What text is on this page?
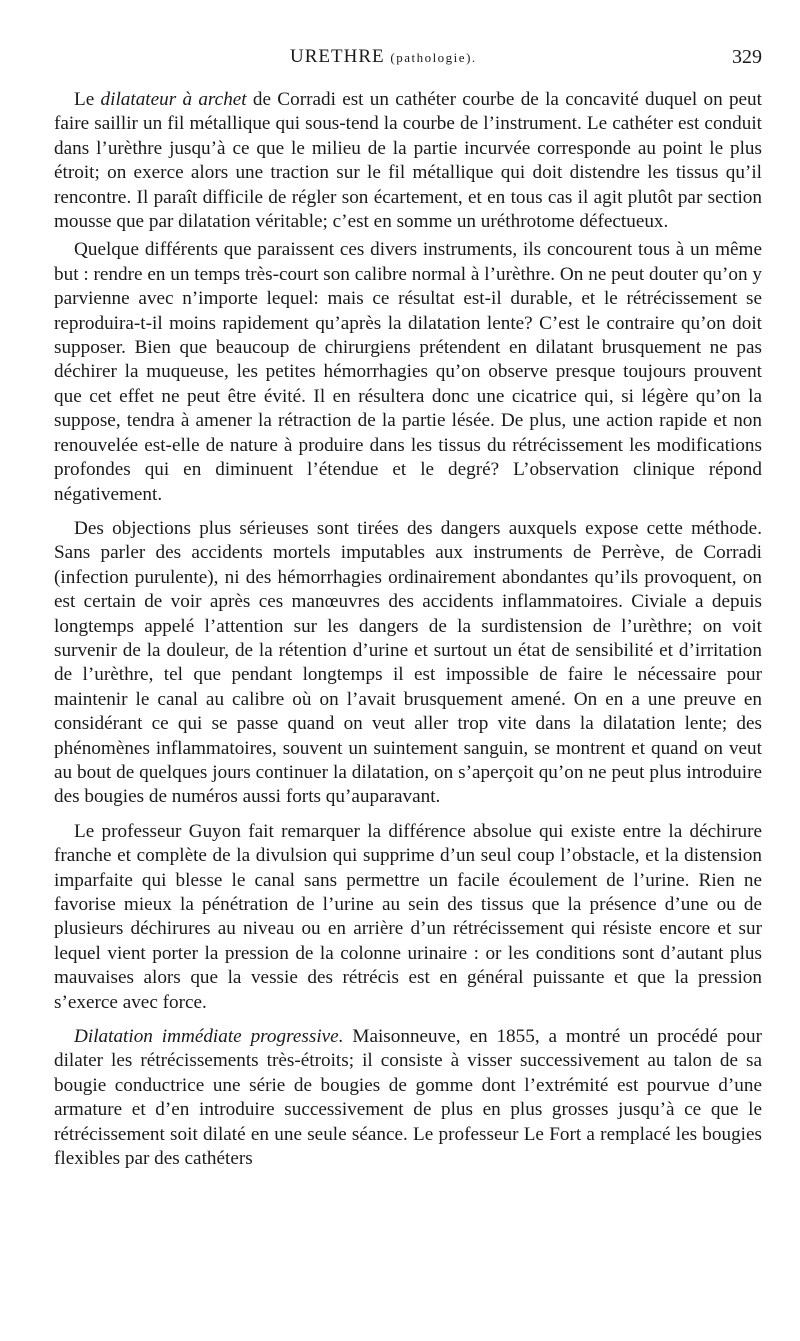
URETHRE (pathologie).	329

Le dilatateur à archet de Corradi est un cathéter courbe de la concavité duquel on peut faire saillir un fil métallique qui sous-tend la courbe de l’instrument. Le cathéter est conduit dans l’urèthre jusqu’à ce que le milieu de la partie incurvée corresponde au point le plus étroit; on exerce alors une traction sur le fil métallique qui doit distendre les tissus qu’il rencontre. Il paraît difficile de régler son écartement, et en tous cas il agit plutôt par section mousse que par dilatation véritable; c’est en somme un uréthrotome défectueux.

Quelque différents que paraissent ces divers instruments, ils concourent tous à un même but : rendre en un temps très-court son calibre normal à l’urèthre. On ne peut douter qu’on y parvienne avec n’importe lequel: mais ce résultat est-il durable, et le rétrécissement se reproduira-t-il moins rapidement qu’après la dilatation lente? C’est le contraire qu’on doit supposer. Bien que beaucoup de chirurgiens prétendent en dilatant brusquement ne pas déchirer la muqueuse, les petites hémorrhagies qu’on observe presque toujours prouvent que cet effet ne peut être évité. Il en résultera donc une cicatrice qui, si légère qu’on la suppose, tendra à amener la rétraction de la partie lésée. De plus, une action rapide et non renouvelée est-elle de nature à produire dans les tissus du rétrécissement les modifications profondes qui en diminuent l’étendue et le degré? L’observation clinique répond négativement.

Des objections plus sérieuses sont tirées des dangers auxquels expose cette méthode. Sans parler des accidents mortels imputables aux instruments de Perrève, de Corradi (infection purulente), ni des hémorrhagies ordinairement abondantes qu’ils provoquent, on est certain de voir après ces manœuvres des accidents inflammatoires. Civiale a depuis longtemps appelé l’attention sur les dangers de la surdistension de l’urèthre; on voit survenir de la douleur, de la rétention d’urine et surtout un état de sensibilité et d’irritation de l’urèthre, tel que pendant longtemps il est impossible de faire le nécessaire pour maintenir le canal au calibre où on l’avait brusquement amené. On en a une preuve en considérant ce qui se passe quand on veut aller trop vite dans la dilatation lente; des phénomènes inflammatoires, souvent un suintement sanguin, se montrent et quand on veut au bout de quelques jours continuer la dilatation, on s’aperçoit qu’on ne peut plus introduire des bougies de numéros aussi forts qu’auparavant.

Le professeur Guyon fait remarquer la différence absolue qui existe entre la déchirure franche et complète de la divulsion qui supprime d’un seul coup l’obstacle, et la distension imparfaite qui blesse le canal sans permettre un facile écoulement de l’urine. Rien ne favorise mieux la pénétration de l’urine au sein des tissus que la présence d’une ou de plusieurs déchirures au niveau ou en arrière d’un rétrécissement qui résiste encore et sur lequel vient porter la pression de la colonne urinaire : or les conditions sont d’autant plus mauvaises alors que la vessie des rétrécis est en général puissante et que la pression s’exerce avec force.

Dilatation immédiate progressive. Maisonneuve, en 1855, a montré un procédé pour dilater les rétrécissements très-étroits; il consiste à visser successivement au talon de sa bougie conductrice une série de bougies de gomme dont l’extrémité est pourvue d’une armature et d’en introduire successivement de plus en plus grosses jusqu’à ce que le rétrécissement soit dilaté en une seule séance. Le professeur Le Fort a remplacé les bougies flexibles par des cathéters
